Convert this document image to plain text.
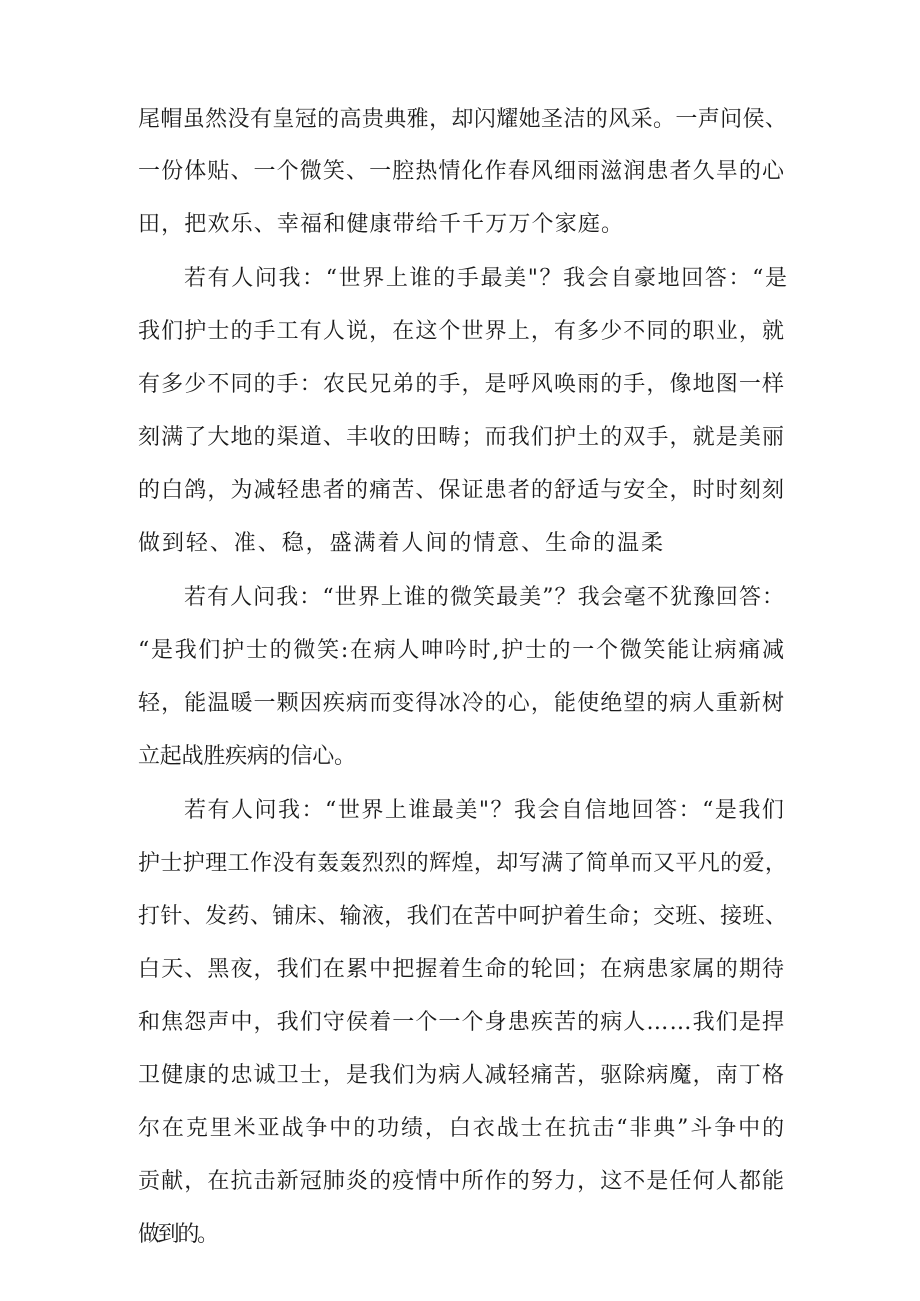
尾帽虽然没有皇冠的高贵典雅，却闪耀她圣洁的风采。一声问侯、
一份体贴、一个微笑、一腔热情化作春风细雨滋润患者久旱的心
田，把欢乐、幸福和健康带给千千万万个家庭。
若有人问我：“世界上谁的手最美"？我会自豪地回答：“是
我们护士的手工有人说，在这个世界上，有多少不同的职业，就
有多少不同的手：农民兄弟的手，是呼风唤雨的手，像地图一样
刻满了大地的渠道、丰收的田畴；而我们护土的双手，就是美丽
的白鸽，为减轻患者的痛苦、保证患者的舒适与安全，时时刻刻
做到轻、准、稳，盛满着人间的情意、生命的温柔
若有人问我：“世界上谁的微笑最美”？我会毫不犹豫回答：
“是我们护士的微笑:在病人呻吟时,护士的一个微笑能让病痛减
轻，能温暖一颗因疾病而变得冰冷的心，能使绝望的病人重新树
立起战胜疾病的信心。
若有人问我：“世界上谁最美"？我会自信地回答：“是我们
护士护理工作没有轰轰烈烈的辉煌，却写满了简单而又平凡的爱，
打针、发药、铺床、输液，我们在苦中呵护着生命；交班、接班、
白天、黑夜，我们在累中把握着生命的轮回；在病患家属的期待
和焦怨声中，我们守侯着一个一个身患疾苦的病人……我们是捍
卫健康的忠诚卫士，是我们为病人减轻痛苦，驱除病魔，南丁格
尔在克里米亚战争中的功绩，白衣战士在抗击“非典”斗争中的
贡献，在抗击新冠肺炎的疫情中所作的努力，这不是任何人都能
做到的。
